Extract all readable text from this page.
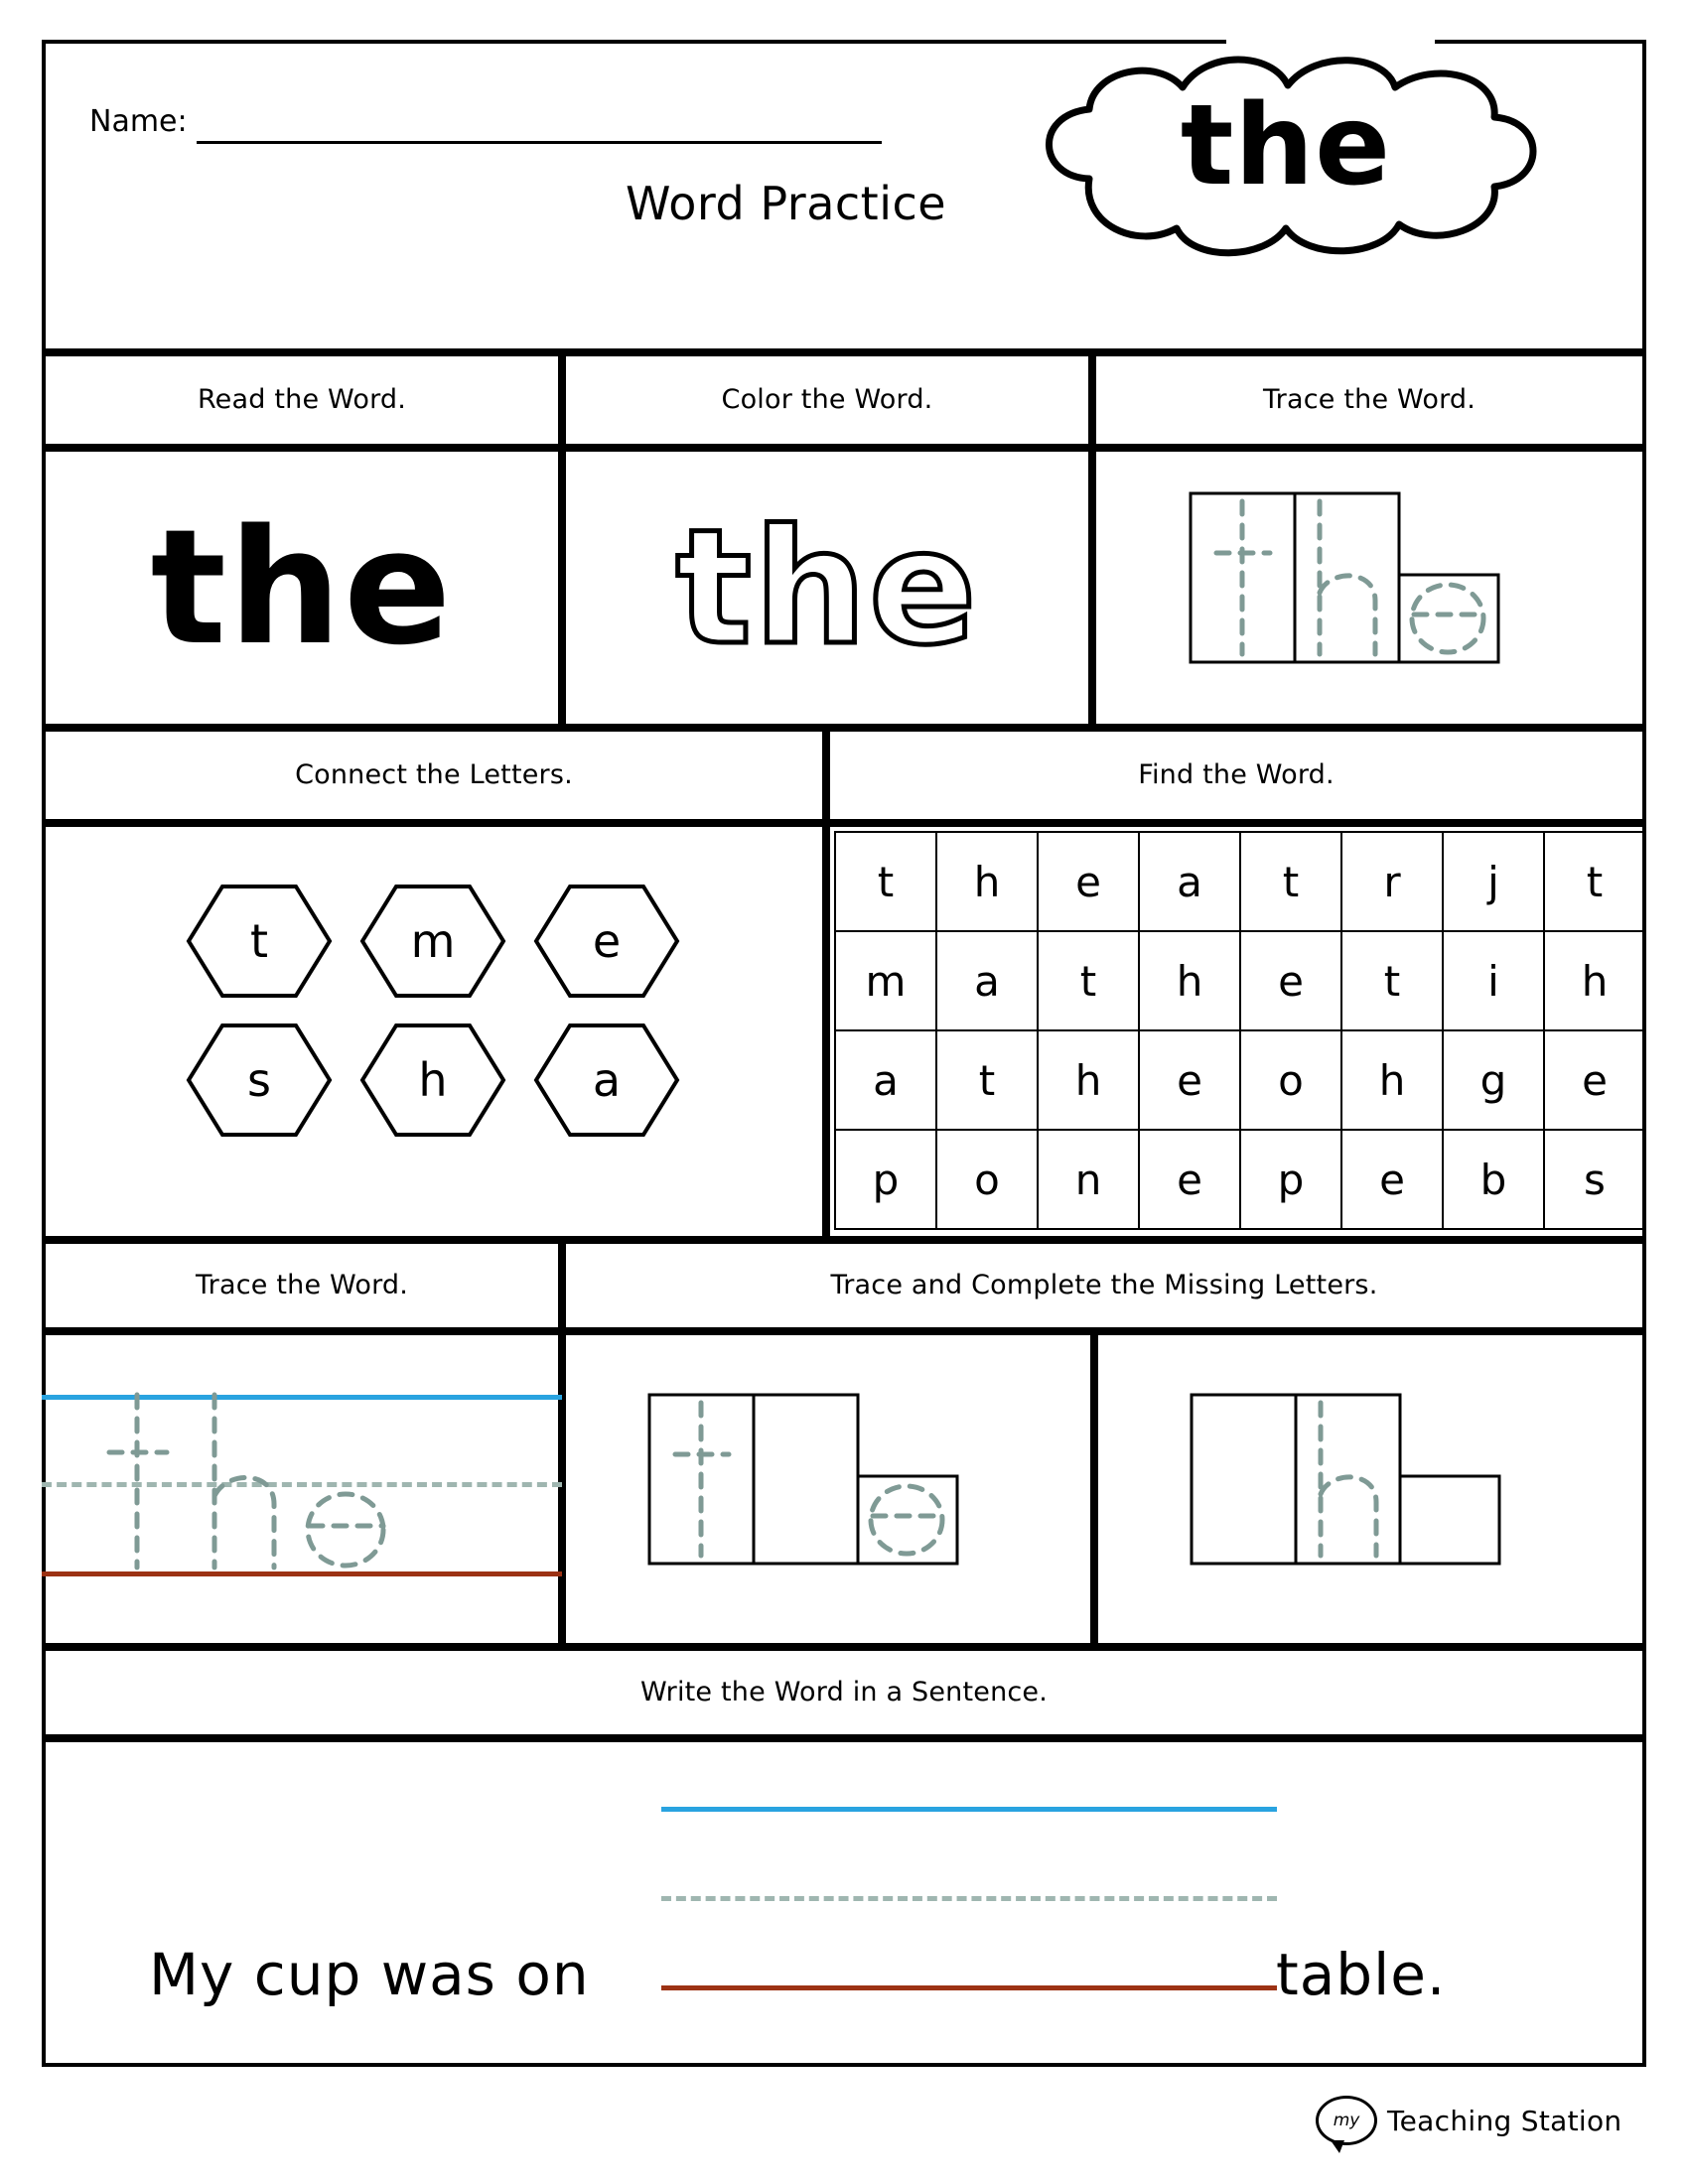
Name:
Word Practice	the
Read the Word.	Color the Word.	Trace the Word.
the the
Connect the Letters.	Find the Word.
t	m	e
s	h	a
t	h	e	a	t	r	j	t
m	a	t	h	e	t	i	h
a	t	h	e	o	h	g	e
p	o	n	e	p	e	b	s
Trace the Word.	Trace and Complete the Missing Letters.
Write the Word in a Sentence.
My cup was on	table.
my Teaching Station
